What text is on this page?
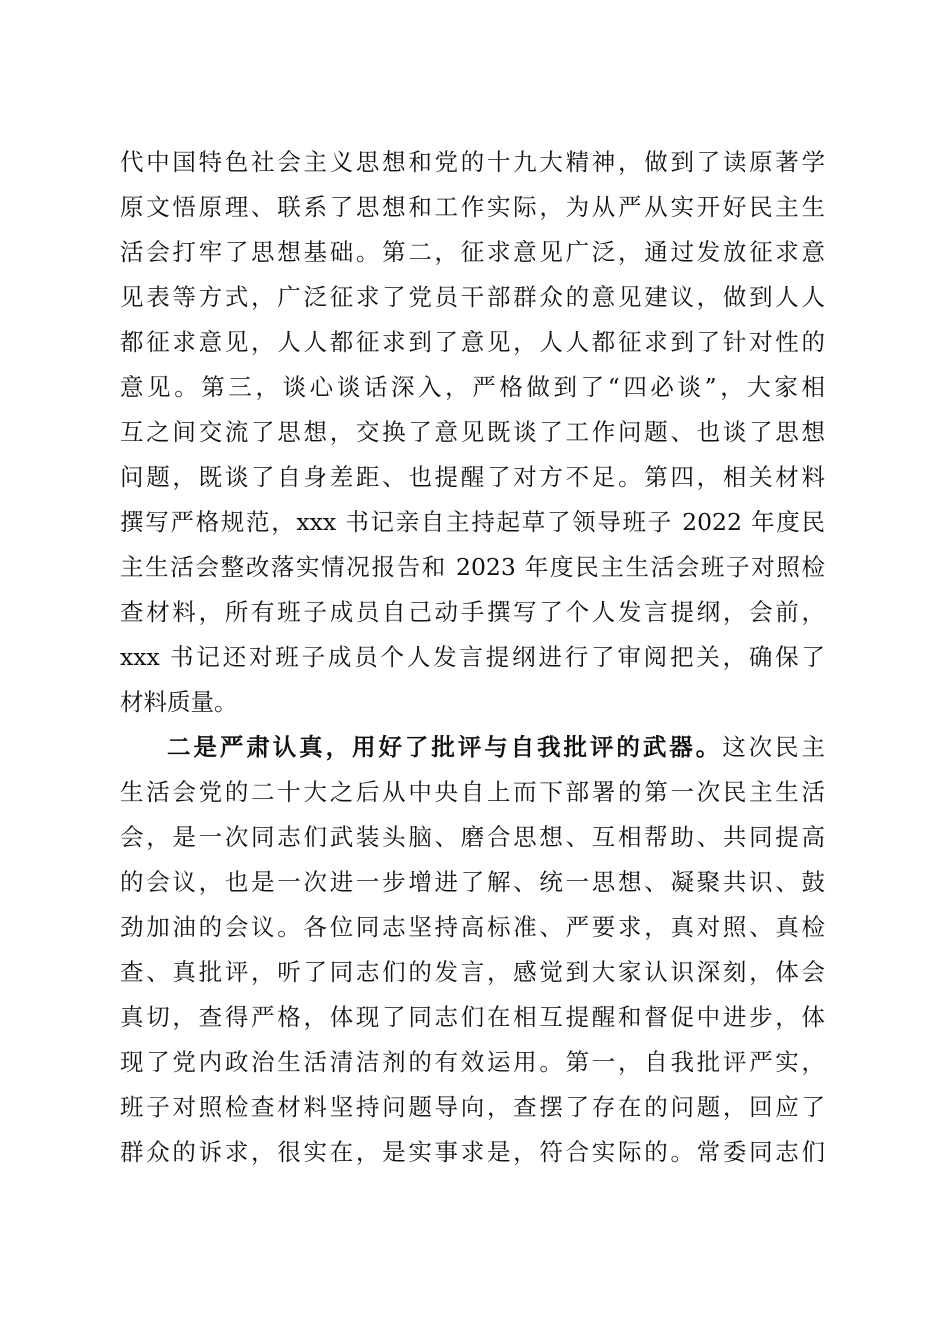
代中国特色社会主义思想和党的十九大精神，做到了读原著学
原文悟原理、联系了思想和工作实际，为从严从实开好民主生
活会打牢了思想基础。第二，征求意见广泛，通过发放征求意
见表等方式，广泛征求了党员干部群众的意见建议，做到人人
都征求意见，人人都征求到了意见，人人都征求到了针对性的
意见。第三，谈心谈话深入，严格做到了“四必谈”，大家相
互之间交流了思想，交换了意见既谈了工作问题、也谈了思想
问题，既谈了自身差距、也提醒了对方不足。第四，相关材料
撰写严格规范，xxx 书记亲自主持起草了领导班子 2022 年度民
主生活会整改落实情况报告和 2023 年度民主生活会班子对照检
查材料，所有班子成员自己动手撰写了个人发言提纲，会前，
xxx 书记还对班子成员个人发言提纲进行了审阅把关，确保了
材料质量。
二是严肃认真，用好了批评与自我批评的武器。这次民主
生活会党的二十大之后从中央自上而下部署的第一次民主生活
会，是一次同志们武装头脑、磨合思想、互相帮助、共同提高
的会议，也是一次进一步增进了解、统一思想、凝聚共识、鼓
劲加油的会议。各位同志坚持高标准、严要求，真对照、真检
查、真批评，听了同志们的发言，感觉到大家认识深刻，体会
真切，查得严格，体现了同志们在相互提醒和督促中进步，体
现了党内政治生活清洁剂的有效运用。第一，自我批评严实，
班子对照检查材料坚持问题导向，查摆了存在的问题，回应了
群众的诉求，很实在，是实事求是，符合实际的。常委同志们
